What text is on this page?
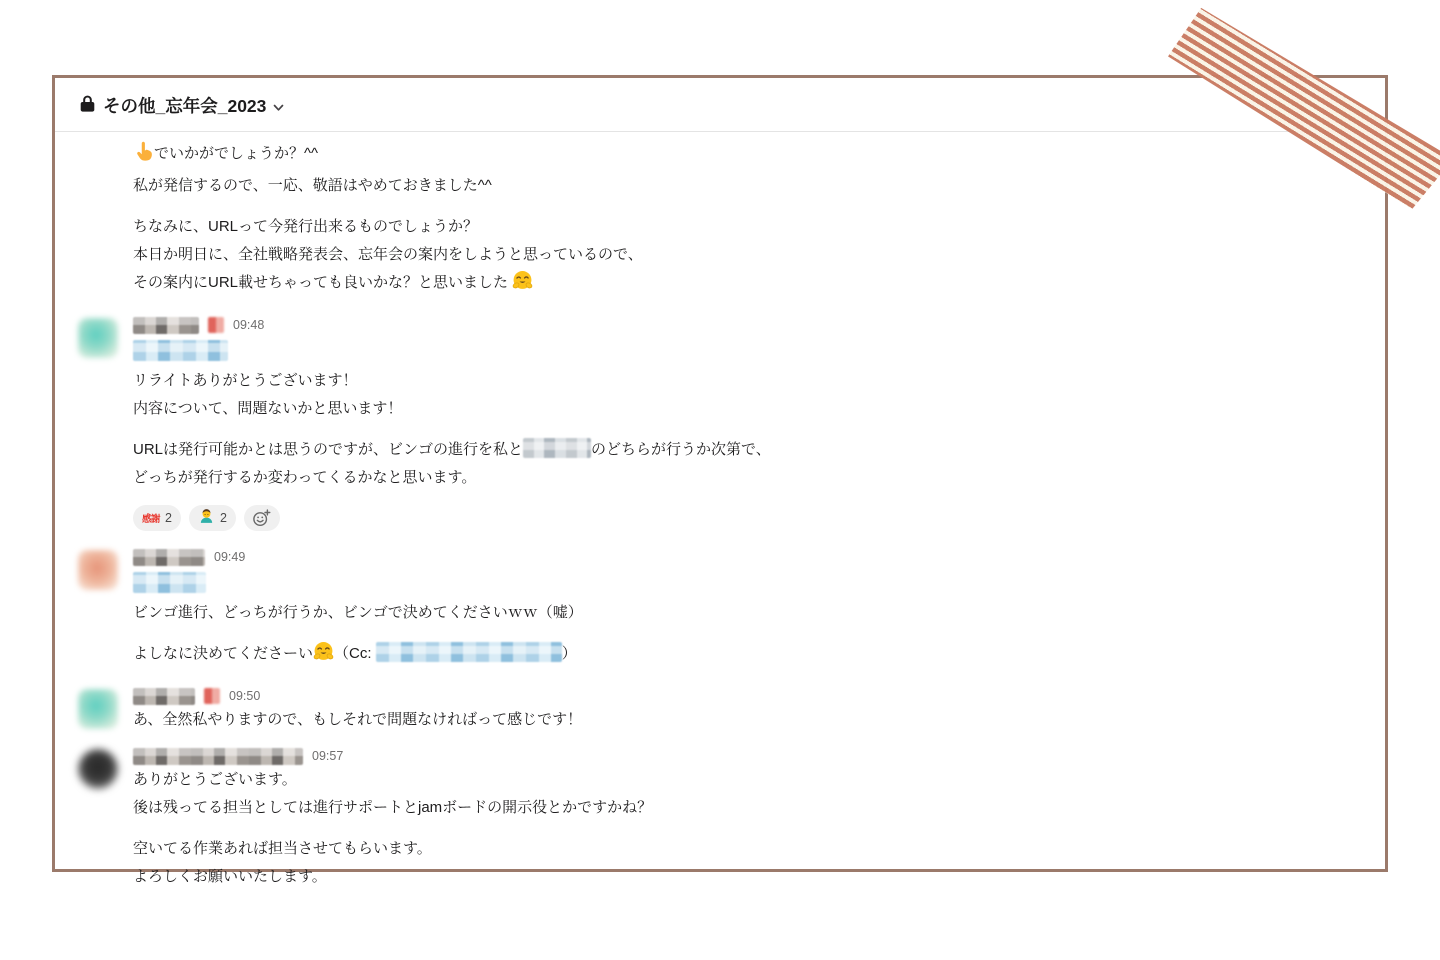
その他_忘年会_2023
でいかがでしょうか？^^
私が発信するので、一応、敬語はやめておきました^^
ちなみに、URLって今発行出来るものでしょうか？
本日か明日に、全社戦略発表会、忘年会の案内をしようと思っているので、
その案内にURL載せちゃっても良いかな？と思いました
09:48
リライトありがとうございます！
内容について、問題ないかと思います！
URLは発行可能かとは思うのですが、ビンゴの進行を私と	のどちらが行うか次第で、
どっちが発行するか変わってくるかなと思います。
感謝 2	2
09:49
ビンゴ進行、どっちが行うか、ビンゴで決めてくださいｗｗ（嘘）
よしなに決めてくださーい （Cc:	）
09:50
あ、全然私やりますので、もしそれで問題なければって感じです！
09:57
ありがとうございます。
後は残ってる担当としては進行サポートとjamボードの開示役とかですかね？
空いてる作業あれば担当させてもらいます。
よろしくお願いいたします。
